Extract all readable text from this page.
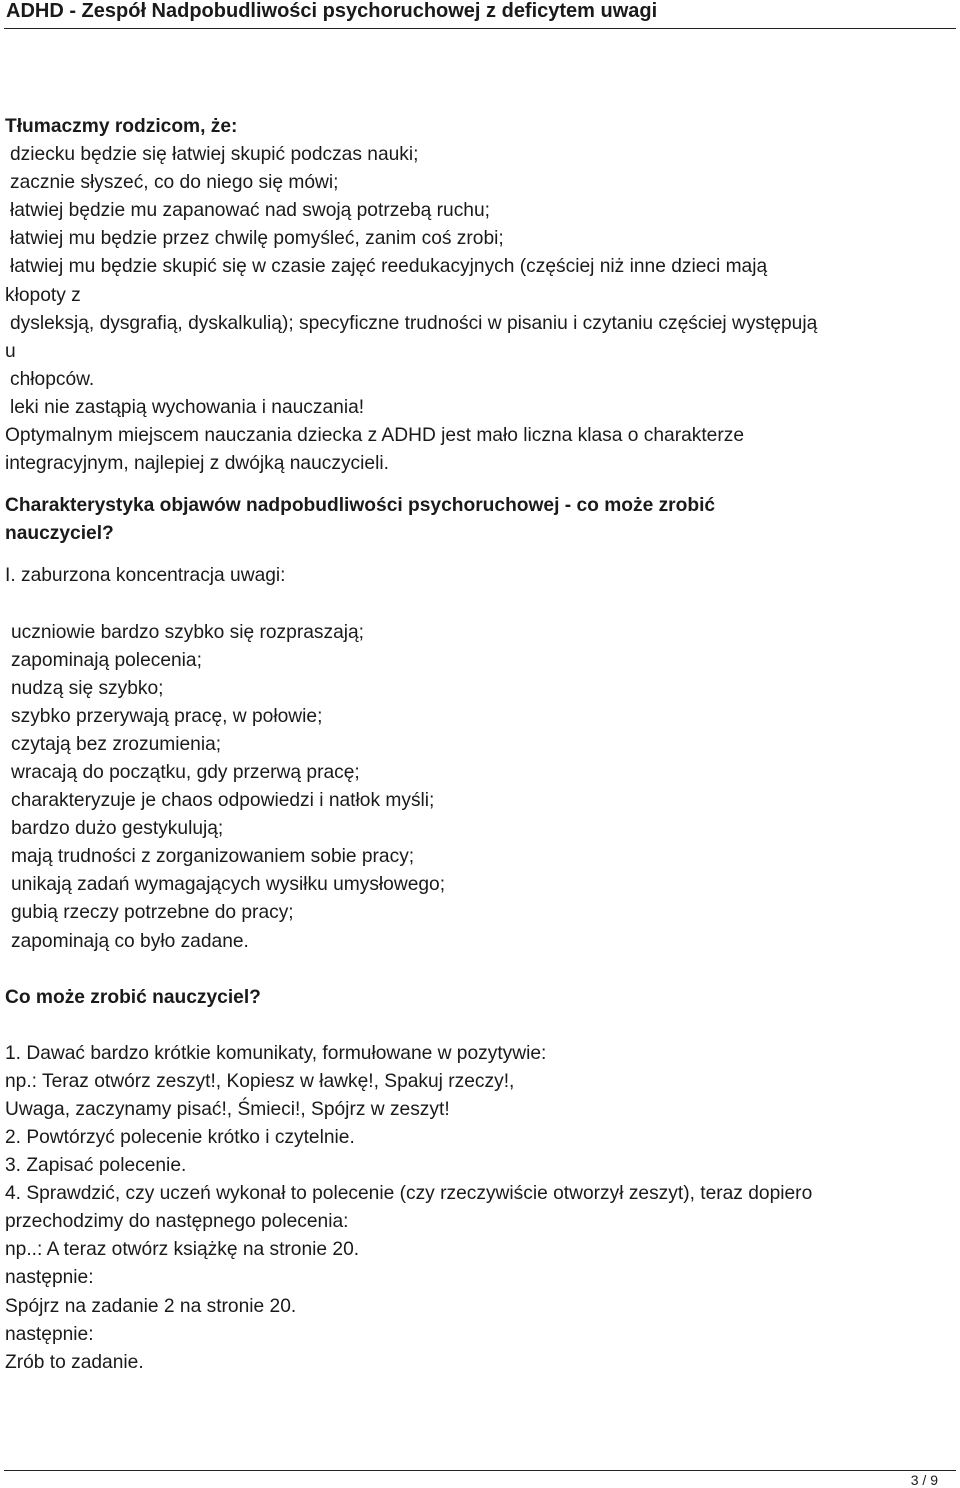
ADHD - Zespół Nadpobudliwości psychoruchowej z deficytem uwagi
Tłumaczmy rodzicom, że:
dziecku będzie się łatwiej skupić podczas nauki;
zacznie słyszeć, co do niego się mówi;
łatwiej będzie mu zapanować nad swoją potrzebą ruchu;
łatwiej mu będzie przez chwilę pomyśleć, zanim coś zrobi;
łatwiej mu będzie skupić się w czasie zajęć reedukacyjnych (częściej niż inne dzieci mają
kłopoty z
dysleksją, dysgrafią, dyskalkulią); specyficzne trudności w pisaniu i czytaniu częściej występują
u
chłopców.
leki nie zastąpią wychowania i nauczania!
Optymalnym miejscem nauczania dziecka z ADHD jest mało liczna klasa o charakterze
integracyjnym, najlepiej z dwójką nauczycieli.
Charakterystyka objawów nadpobudliwości psychoruchowej - co może zrobić
nauczyciel?
I. zaburzona koncentracja uwagi:
uczniowie bardzo szybko się rozpraszają;
zapominają polecenia;
nudzą się szybko;
szybko przerywają pracę, w połowie;
czytają bez zrozumienia;
wracają do początku, gdy przerwą pracę;
charakteryzuje je chaos odpowiedzi i natłok myśli;
bardzo dużo gestykulują;
mają trudności z zorganizowaniem sobie pracy;
unikają zadań wymagających wysiłku umysłowego;
gubią rzeczy potrzebne do pracy;
zapominają co było zadane.
Co może zrobić nauczyciel?
1. Dawać bardzo krótkie komunikaty, formułowane w pozytywie:
np.: Teraz otwórz zeszyt!, Kopiesz w ławkę!, Spakuj rzeczy!,
Uwaga, zaczynamy pisać!, Śmieci!, Spójrz w zeszyt!
2. Powtórzyć polecenie krótko i czytelnie.
3. Zapisać polecenie.
4. Sprawdzić, czy uczeń wykonał to polecenie (czy rzeczywiście otworzył zeszyt), teraz dopiero
przechodzimy do następnego polecenia:
np..: A teraz otwórz książkę na stronie 20.
następnie:
Spójrz na zadanie 2 na stronie 20.
następnie:
Zrób to zadanie.
3 / 9
